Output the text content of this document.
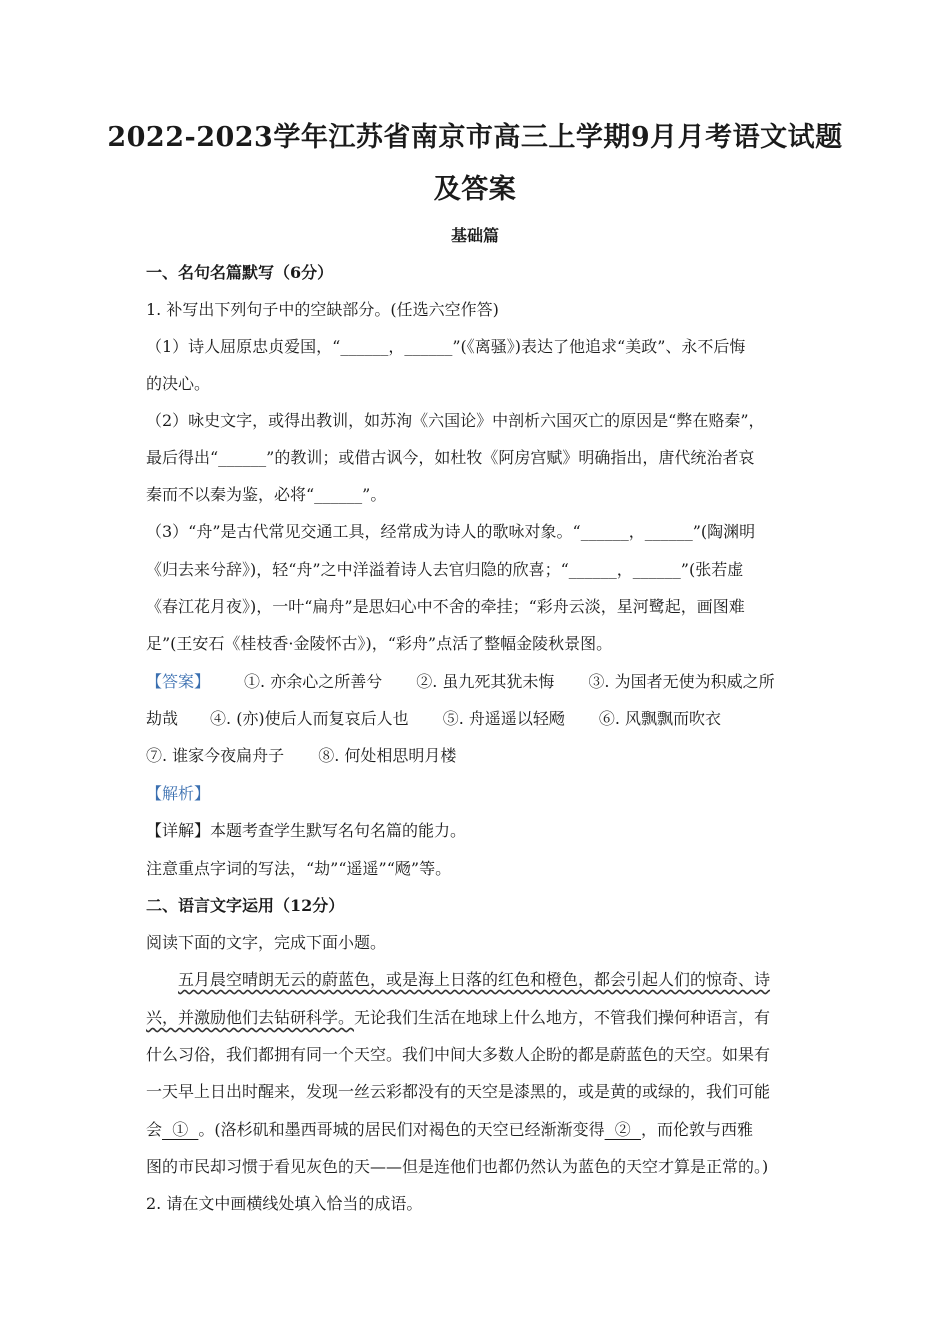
2022-2023学年江苏省南京市高三上学期9月月考语文试题
及答案
基础篇
一、名句名篇默写（6分）
1. 补写出下列句子中的空缺部分。(任选六空作答)
（1）诗人屈原忠贞爱国，“______，______”(《离骚》)表达了他追求“美政”、永不后悔
的决心。
（2）咏史文字，或得出教训，如苏洵《六国论》中剖析六国灭亡的原因是“弊在赂秦”，
最后得出“______”的教训；或借古讽今，如杜牧《阿房宫赋》明确指出，唐代统治者哀
秦而不以秦为鉴，必将“______”。
（3）“舟”是古代常见交通工具，经常成为诗人的歌咏对象。“______，______”(陶渊明
《归去来兮辞》)，轻“舟”之中洋溢着诗人去官归隐的欣喜；“______，______”(张若虚
《春江花月夜》)，一叶“扁舟”是思妇心中不舍的牵挂；“彩舟云淡，星河鹭起，画图难
足”(王安石《桂枝香·金陵怀古》)，“彩舟”点活了整幅金陵秋景图。
【答案】 ①. 亦余心之所善兮 ②. 虽九死其犹未悔 ③. 为国者无使为积威之所
劫哉 ④. (亦)使后人而复哀后人也 ⑤. 舟遥遥以轻飏 ⑥. 风飘飘而吹衣
⑦. 谁家今夜扁舟子 ⑧. 何处相思明月楼
【解析】
【详解】本题考查学生默写名句名篇的能力。
注意重点字词的写法，“劫”“遥遥”“飏”等。
二、语言文字运用（12分）
阅读下面的文字，完成下面小题。
五月晨空晴朗无云的蔚蓝色，或是海上日落的红色和橙色，都会引起人们的惊奇、诗
兴，并激励他们去钻研科学。无论我们生活在地球上什么地方，不管我们操何种语言，有
什么习俗，我们都拥有同一个天空。我们中间大多数人企盼的都是蔚蓝色的天空。如果有
一天早上日出时醒来，发现一丝云彩都没有的天空是漆黑的，或是黄的或绿的，我们可能
会  ①  。(洛杉矶和墨西哥城的居民们对褐色的天空已经渐渐变得  ②  ，而伦敦与西雅
图的市民却习惯于看见灰色的天——但是连他们也都仍然认为蓝色的天空才算是正常的。)
2. 请在文中画横线处填入恰当的成语。
